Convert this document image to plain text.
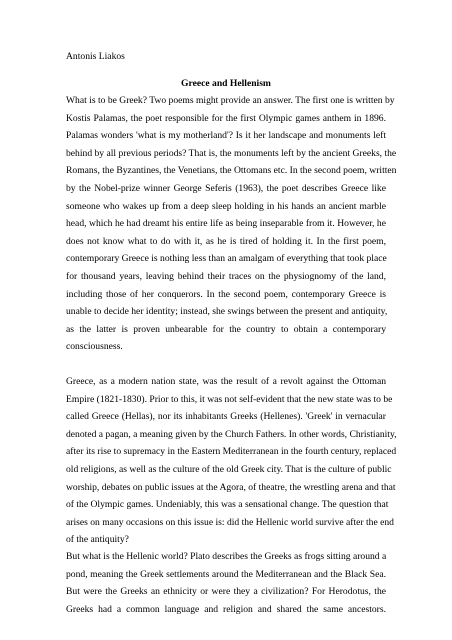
Antonis Liakos

Greece and Hellenism
What is to be Greek? Two poems might provide an answer. The first one is written by
Kostis Palamas, the poet responsible for the first Olympic games anthem in 1896.
Palamas wonders 'what is my motherland'? Is it her landscape and monuments left
behind by all previous periods? That is, the monuments left by the ancient Greeks, the
Romans, the Byzantines, the Venetians, the Ottomans etc. In the second poem, written
by the Nobel-prize winner George Seferis (1963), the poet describes Greece like
someone who wakes up from a deep sleep holding in his hands an ancient marble
head, which he had dreamt his entire life as being inseparable from it. However, he
does not know what to do with it, as he is tired of holding it. In the first poem,
contemporary Greece is nothing less than an amalgam of everything that took place
for thousand years, leaving behind their traces on the physiognomy of the land,
including those of her conquerors. In the second poem, contemporary Greece is
unable to decide her identity; instead, she swings between the present and antiquity,
as the latter is proven unbearable for the country to obtain a contemporary
consciousness.
Greece, as a modern nation state, was the result of a revolt against the Ottoman
Empire (1821-1830). Prior to this, it was not self-evident that the new state was to be
called Greece (Hellas), nor its inhabitants Greeks (Hellenes). 'Greek' in vernacular
denoted a pagan, a meaning given by the Church Fathers. In other words, Christianity,
after its rise to supremacy in the Eastern Mediterranean in the fourth century, replaced
old religions, as well as the culture of the old Greek city. That is the culture of public
worship, debates on public issues at the Agora, of theatre, the wrestling arena and that
of the Olympic games. Undeniably, this was a sensational change. The question that
arises on many occasions on this issue is: did the Hellenic world survive after the end
of the antiquity?
But what is the Hellenic world? Plato describes the Greeks as frogs sitting around a
pond, meaning the Greek settlements around the Mediterranean and the Black Sea.
But were the Greeks an ethnicity or were they a civilization? For Herodotus, the
Greeks had a common language and religion and shared the same ancestors.
